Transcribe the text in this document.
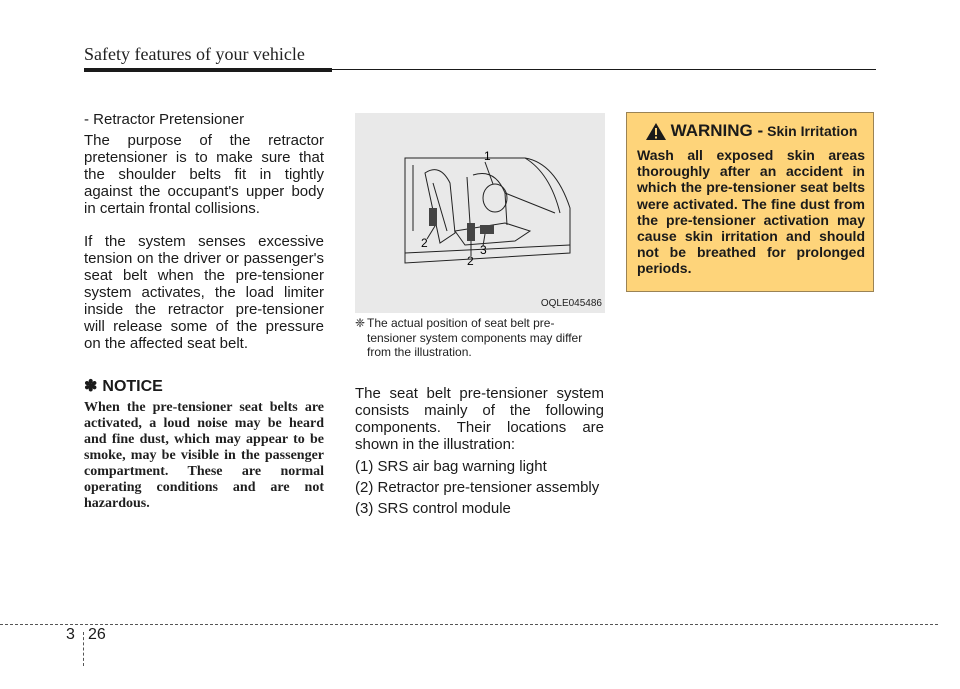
Safety features of your vehicle

- Retractor Pretensioner

The purpose of the retractor pretensioner is to make sure that the shoulder belts fit in tightly against the occupant's upper body in certain frontal collisions.

If the system senses excessive tension on the driver or passenger's seat belt when the pre-tensioner system activates, the load limiter inside the retractor pre-tensioner will release some of the pressure on the affected seat belt.

✽ NOTICE

When the pre-tensioner seat belts are activated, a loud noise may be heard and fine dust, which may appear to be smoke, may be visible in the passenger compartment. These are normal operating conditions and are not hazardous.

1
2
2
3
OQLE045486
❈ The actual position of seat belt pre-tensioner system components may differ from the illustration.

The seat belt pre-tensioner system consists mainly of the following components. Their locations are shown in the illustration:

(1) SRS air bag warning light

(2) Retractor pre-tensioner assembly

(3) SRS control module

WARNING - Skin Irritation

Wash all exposed skin areas thoroughly after an accident in which the pre-tensioner seat belts were activated. The fine dust from the pre-tensioner activation may cause skin irritation and should not be breathed for prolonged periods.

3 26
